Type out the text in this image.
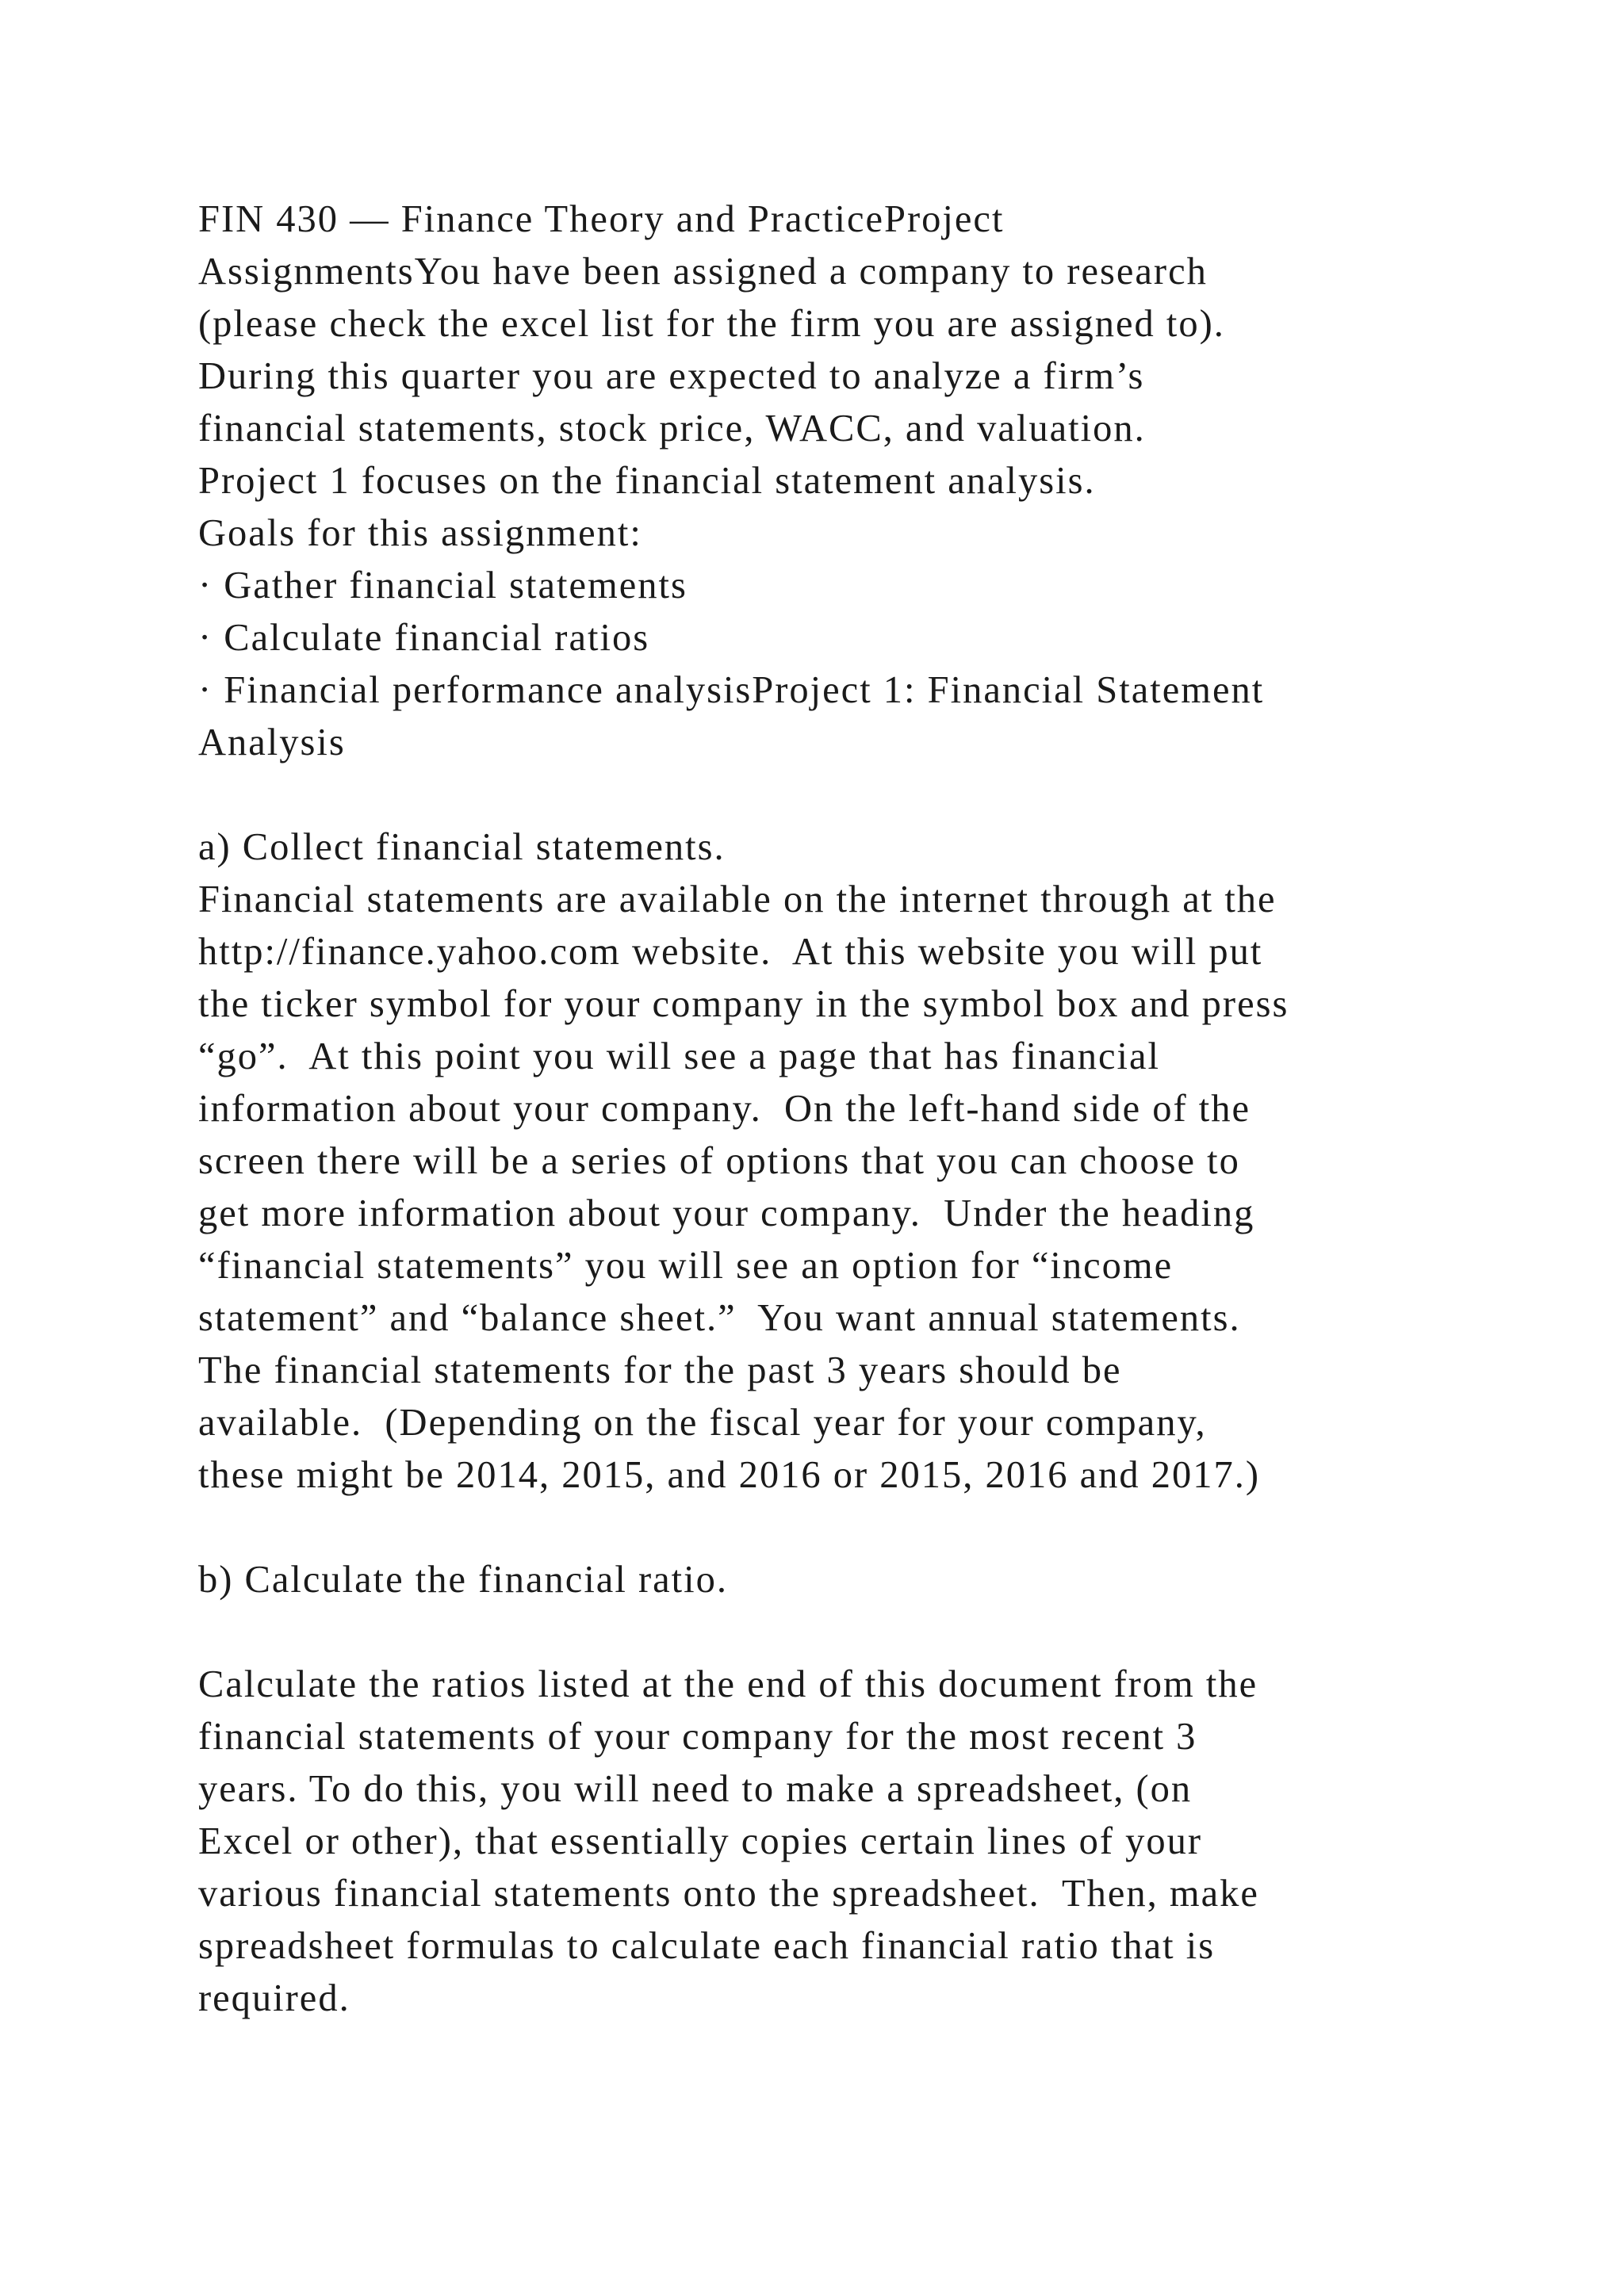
FIN 430 — Finance Theory and PracticeProject
AssignmentsYou have been assigned a company to research
(please check the excel list for the firm you are assigned to).
During this quarter you are expected to analyze a firm’s
financial statements, stock price, WACC, and valuation.
Project 1 focuses on the financial statement analysis.
Goals for this assignment:
· Gather financial statements
· Calculate financial ratios
· Financial performance analysisProject 1: Financial Statement
Analysis
a) Collect financial statements.
Financial statements are available on the internet through at the
http://finance.yahoo.com website.  At this website you will put
the ticker symbol for your company in the symbol box and press
“go”.  At this point you will see a page that has financial
information about your company.  On the left-hand side of the
screen there will be a series of options that you can choose to
get more information about your company.  Under the heading
“financial statements” you will see an option for “income
statement” and “balance sheet.”  You want annual statements.
The financial statements for the past 3 years should be
available.  (Depending on the fiscal year for your company,
these might be 2014, 2015, and 2016 or 2015, 2016 and 2017.)
b) Calculate the financial ratio.
Calculate the ratios listed at the end of this document from the
financial statements of your company for the most recent 3
years. To do this, you will need to make a spreadsheet, (on
Excel or other), that essentially copies certain lines of your
various financial statements onto the spreadsheet.  Then, make
spreadsheet formulas to calculate each financial ratio that is
required.
